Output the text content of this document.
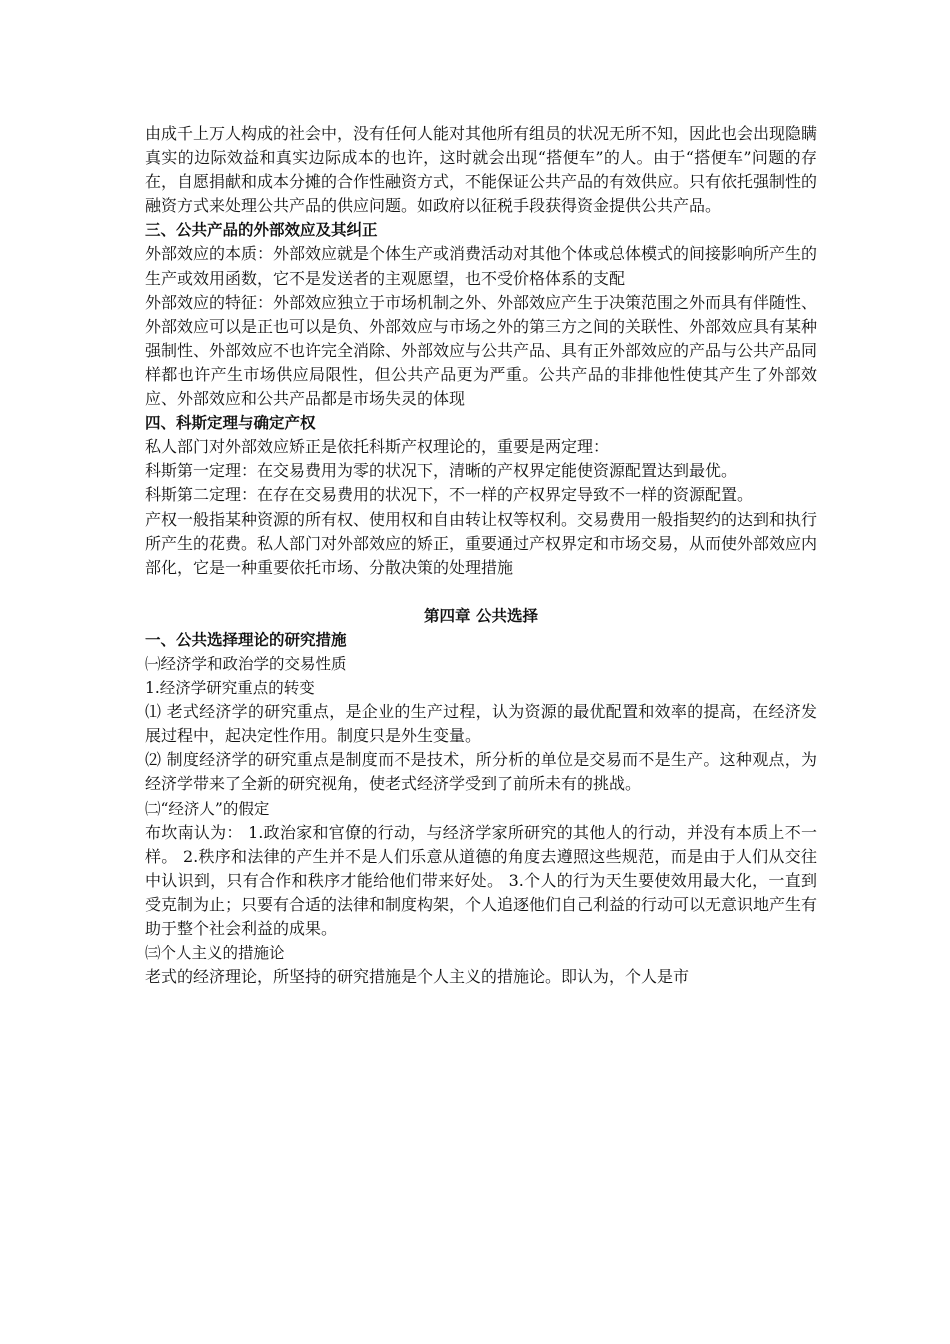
由成千上万人构成的社会中，没有任何人能对其他所有组员的状况无所不知，因此也会出现隐瞒真实的边际效益和真实边际成本的也许，这时就会出现“搭便车”的人。由于“搭便车”问题的存在，自愿捐献和成本分摊的合作性融资方式，不能保证公共产品的有效供应。只有依托强制性的融资方式来处理公共产品的供应问题。如政府以征税手段获得资金提供公共产品。

三、公共产品的外部效应及其纠正

外部效应的本质：外部效应就是个体生产或消费活动对其他个体或总体模式的间接影响所产生的生产或效用函数，它不是发送者的主观愿望，也不受价格体系的支配

外部效应的特征：外部效应独立于市场机制之外、外部效应产生于决策范围之外而具有伴随性、外部效应可以是正也可以是负、外部效应与市场之外的第三方之间的关联性、外部效应具有某种强制性、外部效应不也许完全消除、外部效应与公共产品、具有正外部效应的产品与公共产品同样都也许产生市场供应局限性，但公共产品更为严重。公共产品的非排他性使其产生了外部效应、外部效应和公共产品都是市场失灵的体现

四、科斯定理与确定产权

私人部门对外部效应矫正是依托科斯产权理论的，重要是两定理：

科斯第一定理：在交易费用为零的状况下，清晰的产权界定能使资源配置达到最优。

科斯第二定理：在存在交易费用的状况下，不一样的产权界定导致不一样的资源配置。

产权一般指某种资源的所有权、使用权和自由转让权等权利。交易费用一般指契约的达到和执行所产生的花费。私人部门对外部效应的矫正，重要通过产权界定和市场交易，从而使外部效应内部化，它是一种重要依托市场、分散决策的处理措施

第四章 公共选择

一、公共选择理论的研究措施

㈠经济学和政治学的交易性质

1.经济学研究重点的转变

⑴ 老式经济学的研究重点，是企业的生产过程，认为资源的最优配置和效率的提高，在经济发展过程中，起决定性作用。制度只是外生变量。

⑵ 制度经济学的研究重点是制度而不是技术，所分析的单位是交易而不是生产。这种观点，为经济学带来了全新的研究视角，使老式经济学受到了前所未有的挑战。

㈡“经济人”的假定

布坎南认为： 1.政治家和官僚的行动，与经济学家所研究的其他人的行动，并没有本质上不一样。 2.秩序和法律的产生并不是人们乐意从道德的角度去遵照这些规范，而是由于人们从交往中认识到，只有合作和秩序才能给他们带来好处。 3.个人的行为天生要使效用最大化，一直到受克制为止；只要有合适的法律和制度构架，个人追逐他们自己利益的行动可以无意识地产生有助于整个社会利益的成果。

㈢个人主义的措施论

老式的经济理论，所坚持的研究措施是个人主义的措施论。即认为，个人是市
